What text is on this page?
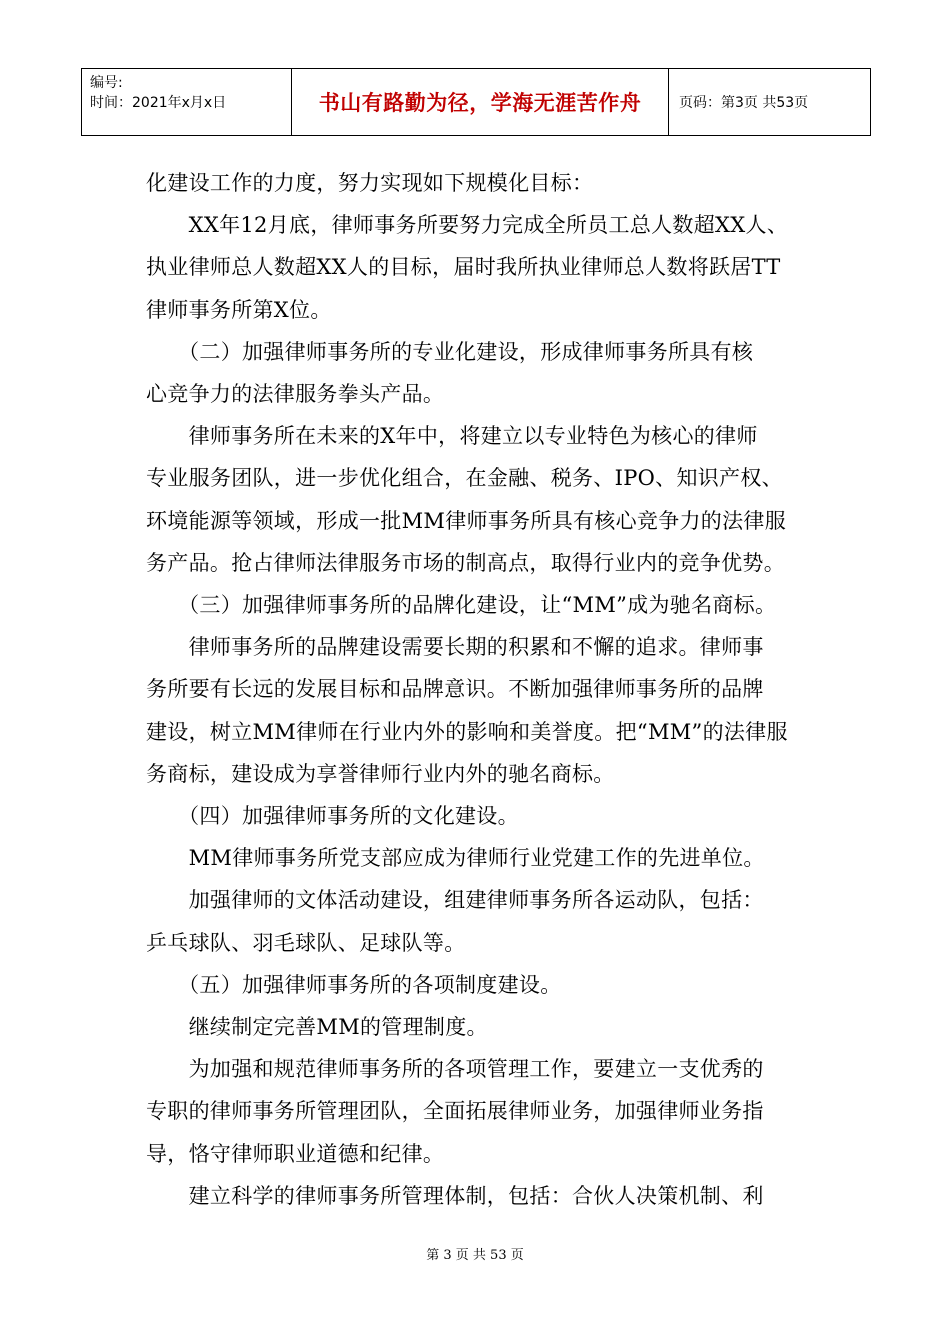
编号:
时间：2021年x月x日	书山有路勤为径，学海无涯苦作舟	页码：第3页 共53页

化建设工作的力度，努力实现如下规模化目标：

　　XX年12月底，律师事务所要努力完成全所员工总人数超XX人、

执业律师总人数超XX人的目标，届时我所执业律师总人数将跃居TT

律师事务所第X位。

　　（二）加强律师事务所的专业化建设，形成律师事务所具有核

心竞争力的法律服务拳头产品。

　　律师事务所在未来的X年中，将建立以专业特色为核心的律师

专业服务团队，进一步优化组合，在金融、税务、IPO、知识产权、

环境能源等领域，形成一批MM律师事务所具有核心竞争力的法律服

务产品。抢占律师法律服务市场的制高点，取得行业内的竞争优势。

　　（三）加强律师事务所的品牌化建设，让“MM”成为驰名商标。

　　律师事务所的品牌建设需要长期的积累和不懈的追求。律师事

务所要有长远的发展目标和品牌意识。不断加强律师事务所的品牌

建设，树立MM律师在行业内外的影响和美誉度。把“MM”的法律服

务商标，建设成为享誉律师行业内外的驰名商标。

　　（四）加强律师事务所的文化建设。

　　MM律师事务所党支部应成为律师行业党建工作的先进单位。

　　加强律师的文体活动建设，组建律师事务所各运动队，包括：

乒乓球队、羽毛球队、足球队等。

　　（五）加强律师事务所的各项制度建设。

　　继续制定完善MM的管理制度。

　　为加强和规范律师事务所的各项管理工作，要建立一支优秀的

专职的律师事务所管理团队，全面拓展律师业务，加强律师业务指

导，恪守律师职业道德和纪律。

　　建立科学的律师事务所管理体制，包括：合伙人决策机制、利

第 3 页 共 53 页
